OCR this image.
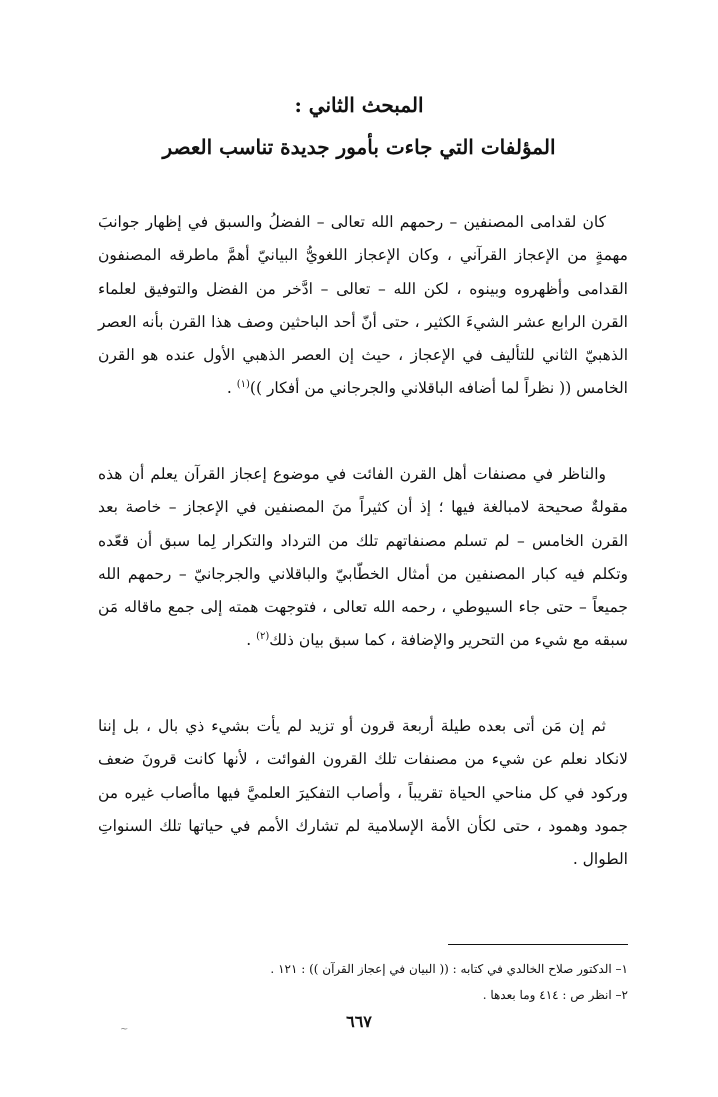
المبحث الثاني :
المؤلفات التي جاءت بأمور جديدة تناسب العصر

كان لقدامى المصنفين – رحمهم الله تعالى – الفضلُ والسبق في إظهار جوانبَ مهمةٍ من الإعجاز القرآني ، وكان الإعجاز اللغويُّ البيانيّ أهمَّ ماطرقه المصنفون القدامى وأظهروه وبينوه ، لكن الله – تعالى – ادَّخر من الفضل والتوفيق لعلماء القرن الرابع عشر الشيءَ الكثير ، حتى أنّ أحد الباحثين وصف هذا القرن بأنه العصر الذهبيّ الثاني للتأليف في الإعجاز ، حيث إن العصر الذهبي الأول عنده هو القرن الخامس (( نظراً لما أضافه الباقلاني والجرجاني من أفكار ))$^{(١)}$ .

والناظر في مصنفات أهل القرن الفائت في موضوع إعجاز القرآن يعلم أن هذه مقولةٌ صحيحة لامبالغة فيها ؛ إذ أن كثيراً منَ المصنفين في الإعجاز – خاصة بعد القرن الخامس – لم تسلم مصنفاتهم تلك من الترداد والتكرار لِما سبق أن قعّده وتكلم فيه كبار المصنفين من أمثال الخطّابيّ والباقلاني والجرجانيّ – رحمهم الله جميعاً – حتى جاء السيوطي ، رحمه الله تعالى ، فتوجهت همته إلى جمع ماقاله مَن سبقه مع شيء من التحرير والإضافة ، كما سبق بيان ذلك$^{(٢)}$ .

ثم إن مَن أتى بعده طيلة أربعة قرون أو تزيد لم يأت بشيء ذي بال ، بل إننا لانكاد نعلم عن شيء من مصنفات تلك القرون الفوائت ، لأنها كانت قرونَ ضعف وركود في كل مناحي الحياة تقريباً ، وأصاب التفكيرَ العلميَّ فيها ماأصاب غيره من جمود وهمود ، حتى لكأن الأمة الإسلامية لم تشارك الأمم في حياتها تلك السنواتِ الطوال .

١– الدكتور صلاح الخالدي في كتابه : (( البيان في إعجاز القرآن )) : ١٢١ .
٢– انظر ص : ٤١٤ وما بعدها .
٦٦٧
~
